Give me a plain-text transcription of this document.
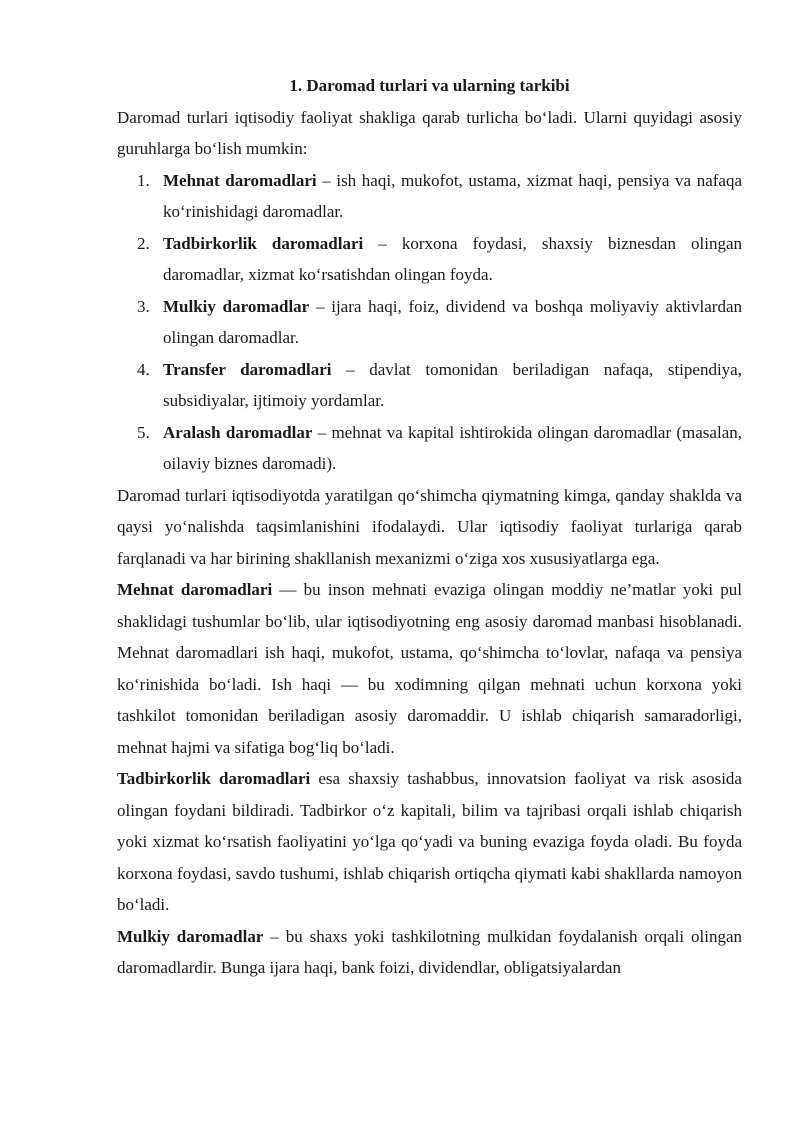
1. Daromad turlari va ularning tarkibi

Daromad turlari iqtisodiy faoliyat shakliga qarab turlicha bo‘ladi. Ularni quyidagi asosiy guruhlarga bo‘lish mumkin:

1. Mehnat daromadlari – ish haqi, mukofot, ustama, xizmat haqi, pensiya va nafaqa ko‘rinishidagi daromadlar.
2. Tadbirkorlik daromadlari – korxona foydasi, shaxsiy biznesdan olingan daromadlar, xizmat ko‘rsatishdan olingan foyda.
3. Mulkiy daromadlar – ijara haqi, foiz, dividend va boshqa moliyaviy aktivlardan olingan daromadlar.
4. Transfer daromadlari – davlat tomonidan beriladigan nafaqa, stipendiya, subsidiyalar, ijtimoiy yordamlar.
5. Aralash daromadlar – mehnat va kapital ishtirokida olingan daromadlar (masalan, oilaviy biznes daromadi).

Daromad turlari iqtisodiyotda yaratilgan qo‘shimcha qiymatning kimga, qanday shaklda va qaysi yo‘nalishda taqsimlanishini ifodalaydi. Ular iqtisodiy faoliyat turlariga qarab farqlanadi va har birining shakllanish mexanizmi o‘ziga xos xususiyatlarga ega.

Mehnat daromadlari — bu inson mehnati evaziga olingan moddiy ne’matlar yoki pul shaklidagi tushumlar bo‘lib, ular iqtisodiyotning eng asosiy daromad manbasi hisoblanadi. Mehnat daromadlari ish haqi, mukofot, ustama, qo‘shimcha to‘lovlar, nafaqa va pensiya ko‘rinishida bo‘ladi. Ish haqi — bu xodimning qilgan mehnati uchun korxona yoki tashkilot tomonidan beriladigan asosiy daromaddir. U ishlab chiqarish samaradorligi, mehnat hajmi va sifatiga bog‘liq bo‘ladi.

Tadbirkorlik daromadlari esa shaxsiy tashabbus, innovatsion faoliyat va risk asosida olingan foydani bildiradi. Tadbirkor o‘z kapitali, bilim va tajribasi orqali ishlab chiqarish yoki xizmat ko‘rsatish faoliyatini yo‘lga qo‘yadi va buning evaziga foyda oladi. Bu foyda korxona foydasi, savdo tushumi, ishlab chiqarish ortiqcha qiymati kabi shakllarda namoyon bo‘ladi.

Mulkiy daromadlar – bu shaxs yoki tashkilotning mulkidan foydalanish orqali olingan daromadlardir. Bunga ijara haqi, bank foizi, dividendlar, obligatsiyalardan
